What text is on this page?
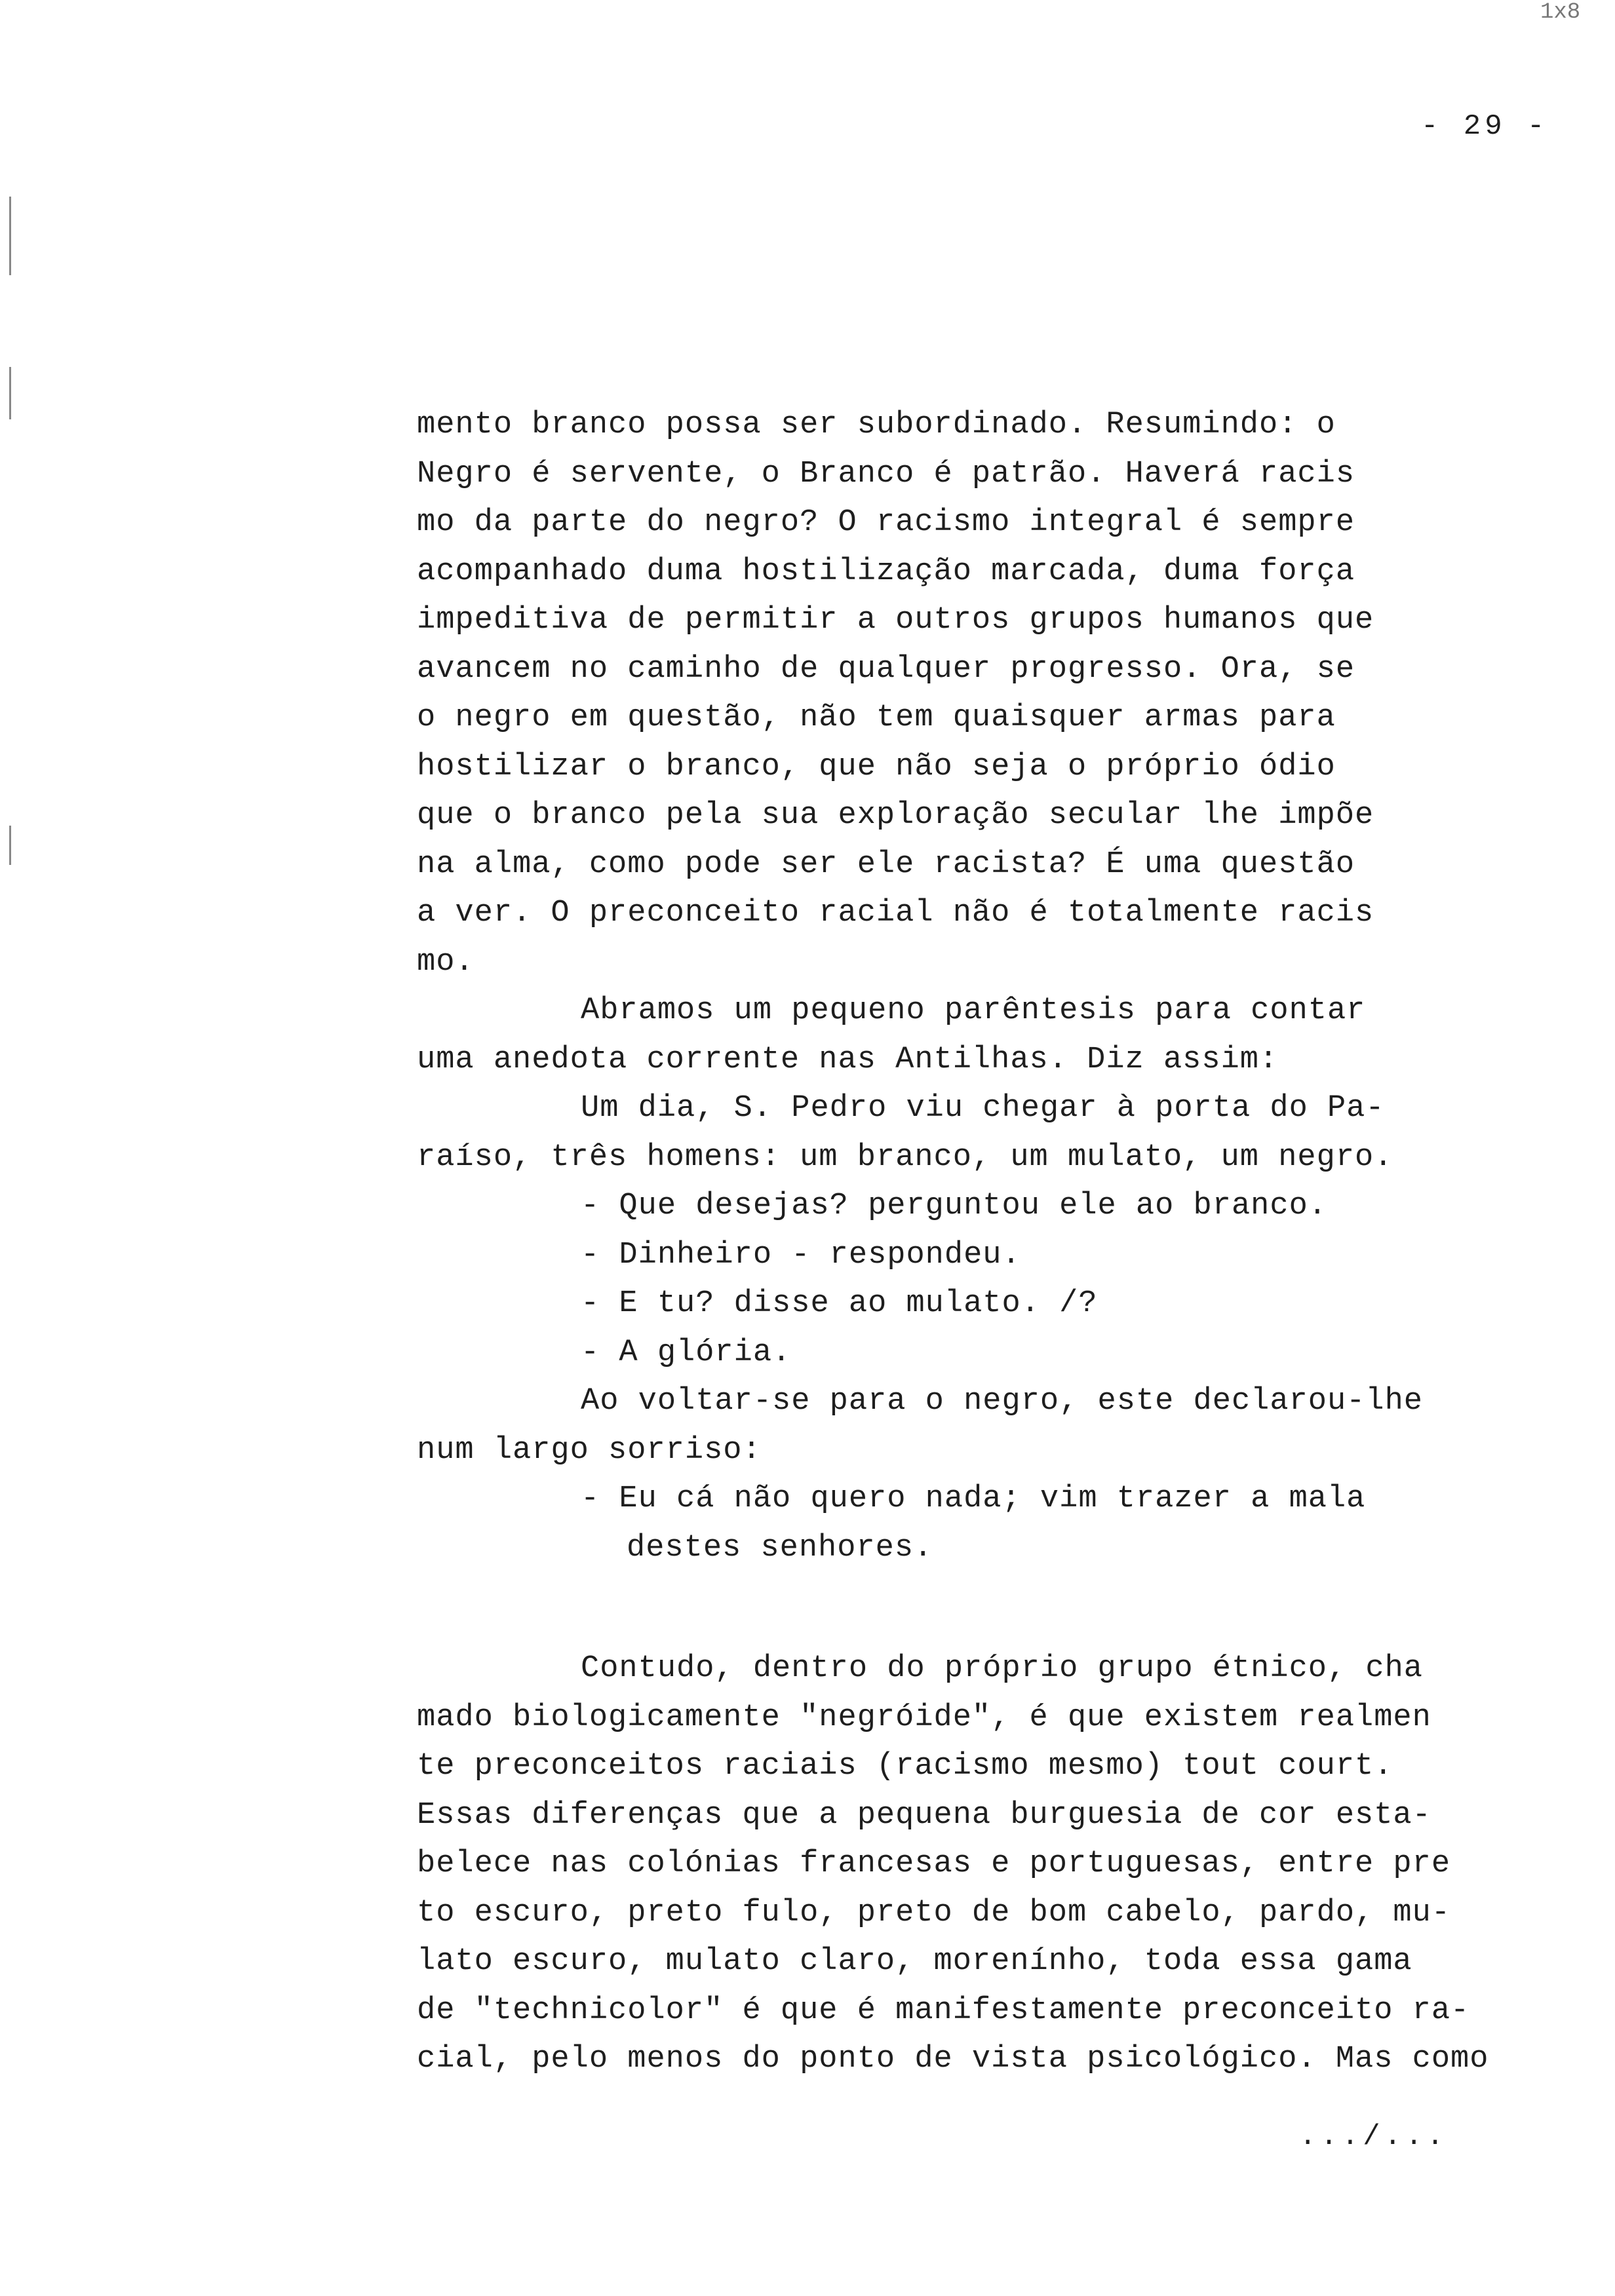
1x8
- 29 -
mento branco possa ser subordinado. Resumindo: o
Negro é servente, o Branco é patrão. Haverá racis
mo da parte do negro? O racismo integral é sempre
acompanhado duma hostilização marcada, duma força
impeditiva de permitir a outros grupos humanos que
avancem no caminho de qualquer progresso. Ora, se
o negro em questão, não tem quaisquer armas para
hostilizar o branco, que não seja o próprio ódio
que o branco pela sua exploração secular lhe impõe
na alma, como pode ser ele racista? É uma questão
a ver. O preconceito racial não é totalmente racis
mo.
Abramos um pequeno parêntesis para contar
uma anedota corrente nas Antilhas. Diz assim:
Um dia, S. Pedro viu chegar à porta do Pa-
raíso, três homens: um branco, um mulato, um negro.
- Que desejas? perguntou ele ao branco.
- Dinheiro - respondeu.
- E tu? disse ao mulato. /?
- A glória.
Ao voltar-se para o negro, este declarou-lhe
num largo sorriso:
- Eu cá não quero nada; vim trazer a mala
destes senhores.
Contudo, dentro do próprio grupo étnico, cha
mado biologicamente "negróide", é que existem realmen
te preconceitos raciais (racismo mesmo) tout court.
Essas diferenças que a pequena burguesia de cor esta-
belece nas colónias francesas e portuguesas, entre pre
to escuro, preto fulo, preto de bom cabelo, pardo, mu-
lato escuro, mulato claro, morenínho, toda essa gama
de "technicolor" é que é manifestamente preconceito ra-
cial, pelo menos do ponto de vista psicológico. Mas como
.../...
